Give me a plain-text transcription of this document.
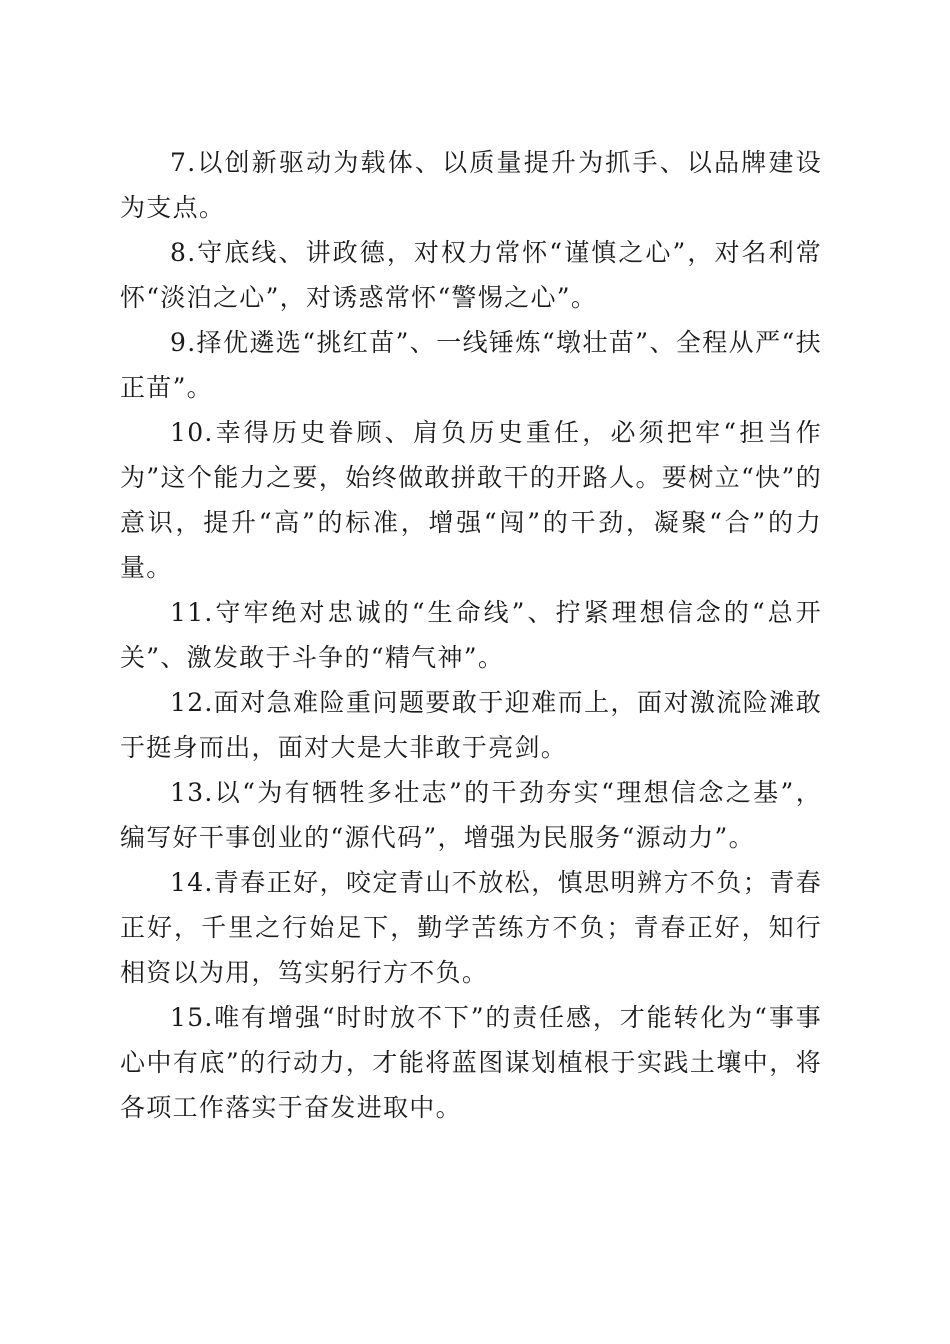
7.以创新驱动为载体、以质量提升为抓手、以品牌建设为支点。

8.守底线、讲政德，对权力常怀“谨慎之心”，对名利常怀“淡泊之心”，对诱惑常怀“警惕之心”。

9.择优遴选“挑红苗”、一线锤炼“墩壮苗”、全程从严“扶正苗”。

10.幸得历史眷顾、肩负历史重任，必须把牢“担当作为”这个能力之要，始终做敢拼敢干的开路人。要树立“快”的意识，提升“高”的标准，增强“闯”的干劲，凝聚“合”的力量。

11.守牢绝对忠诚的“生命线”、拧紧理想信念的“总开关”、激发敢于斗争的“精气神”。

12.面对急难险重问题要敢于迎难而上，面对激流险滩敢于挺身而出，面对大是大非敢于亮剑。

13.以“为有牺牲多壮志”的干劲夯实“理想信念之基”，编写好干事创业的“源代码”，增强为民服务“源动力”。

14.青春正好，咬定青山不放松，慎思明辨方不负；青春正好，千里之行始足下，勤学苦练方不负；青春正好，知行相资以为用，笃实躬行方不负。

15.唯有增强“时时放不下”的责任感，才能转化为“事事心中有底”的行动力，才能将蓝图谋划植根于实践土壤中，将各项工作落实于奋发进取中。
